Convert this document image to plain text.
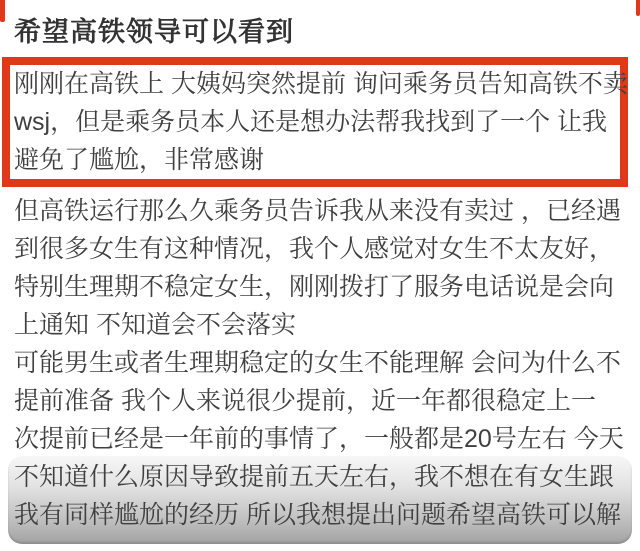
希望高铁领导可以看到
刚刚在高铁上 大姨妈突然提前 询问乘务员告知高铁不卖
wsj，但是乘务员本人还是想办法帮我找到了一个 让我
避免了尴尬，非常感谢
但高铁运行那么久乘务员告诉我从来没有卖过 ，已经遇
到很多女生有这种情况，我个人感觉对女生不太友好，
特别生理期不稳定女生，刚刚拨打了服务电话说是会向
上通知 不知道会不会落实
可能男生或者生理期稳定的女生不能理解 会问为什么不
提前准备 我个人来说很少提前，近一年都很稳定上一
次提前已经是一年前的事情了，一般都是20号左右 今天
不知道什么原因导致提前五天左右，我不想在有女生跟
我有同样尴尬的经历 所以我想提出问题希望高铁可以解
